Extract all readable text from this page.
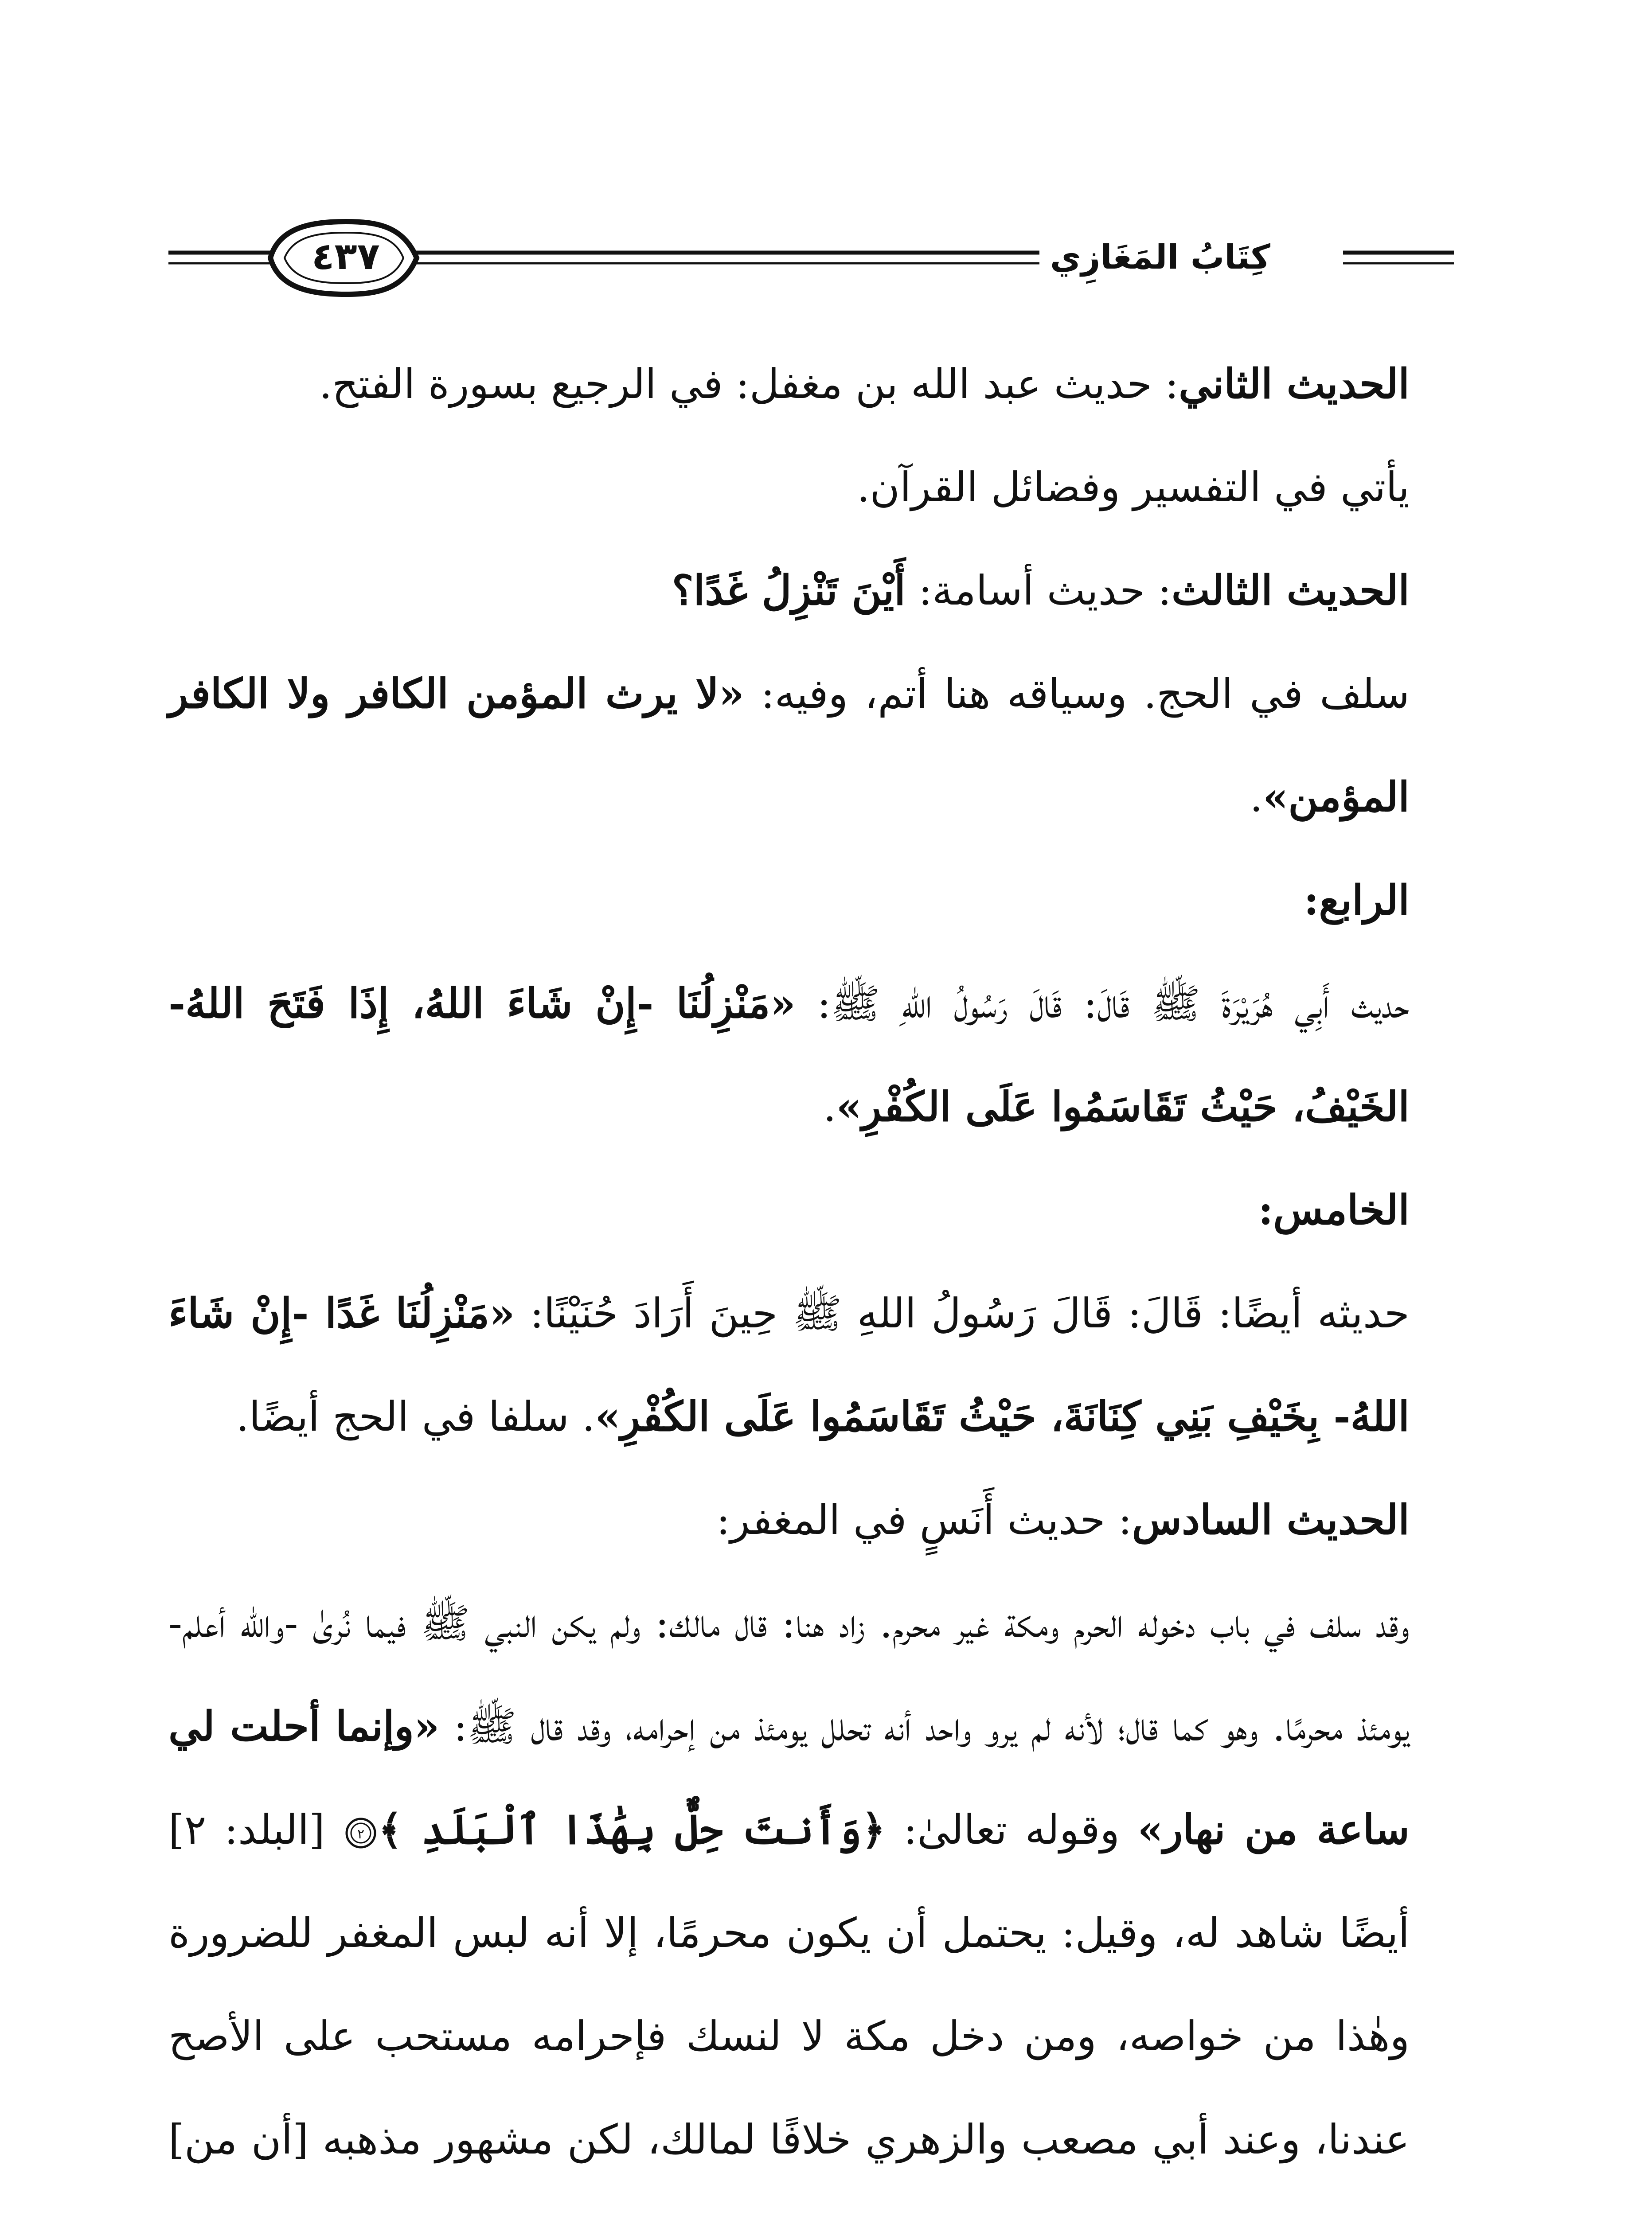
كِتَابُ المَغَازِي
٤٣٧

الحديث الثاني: حديث عبد الله بن مغفل: في الرجيع بسورة الفتح.

يأتي في التفسير وفضائل القرآن.

الحديث الثالث: حديث أسامة: أَيْنَ تَنْزِلُ غَدًا؟

سلف في الحج. وسياقه هنا أتم، وفيه: «لا يرث المؤمن الكافر ولا الكافر المؤمن».

الرابع:

حديث أَبِي هُرَيْرَةَ ﷺ قَالَ: قَالَ رَسُولُ اللهِ ﷺ: «مَنْزِلُنَا -إِنْ شَاءَ اللهُ، إِذَا فَتَحَ اللهُ- الخَيْفُ، حَيْثُ تَقَاسَمُوا عَلَى الكُفْرِ».

الخامس:

حديثه أيضًا: قَالَ: قَالَ رَسُولُ اللهِ ﷺ حِينَ أَرَادَ حُنَيْنًا: «مَنْزِلُنَا غَدًا -إِنْ شَاءَ اللهُ- بِخَيْفِ بَنِي كِنَانَةَ، حَيْثُ تَقَاسَمُوا عَلَى الكُفْرِ». سلفا في الحج أيضًا.

الحديث السادس: حديث أَنَسٍ في المغفر:

وقد سلف في باب دخوله الحرم ومكة غير محرم. زاد هنا: قال مالك: ولم يكن النبي ﷺ فيما نُرىٰ -والله أعلم- يومئذ محرمًا. وهو كما قال؛ لأنه لم يرو واحد أنه تحلل يومئذ من إحرامه، وقد قال ﷺ: «وإنما أحلت لي ساعة من نهار» وقوله تعالىٰ: ﴿وَأَنتَ حِلٌّ بِهَٰذَا ٱلْبَلَدِ ﴾
٢
[البلد: ٢] أيضًا شاهد له، وقيل: يحتمل أن يكون محرمًا، إلا أنه لبس المغفر للضرورة وهٰذا من خواصه، ومن دخل مكة لا لنسك فإحرامه مستحب على الأصح عندنا، وعند أبي مصعب والزهري خلافًا لمالك، لكن مشهور مذهبه [أن من]
